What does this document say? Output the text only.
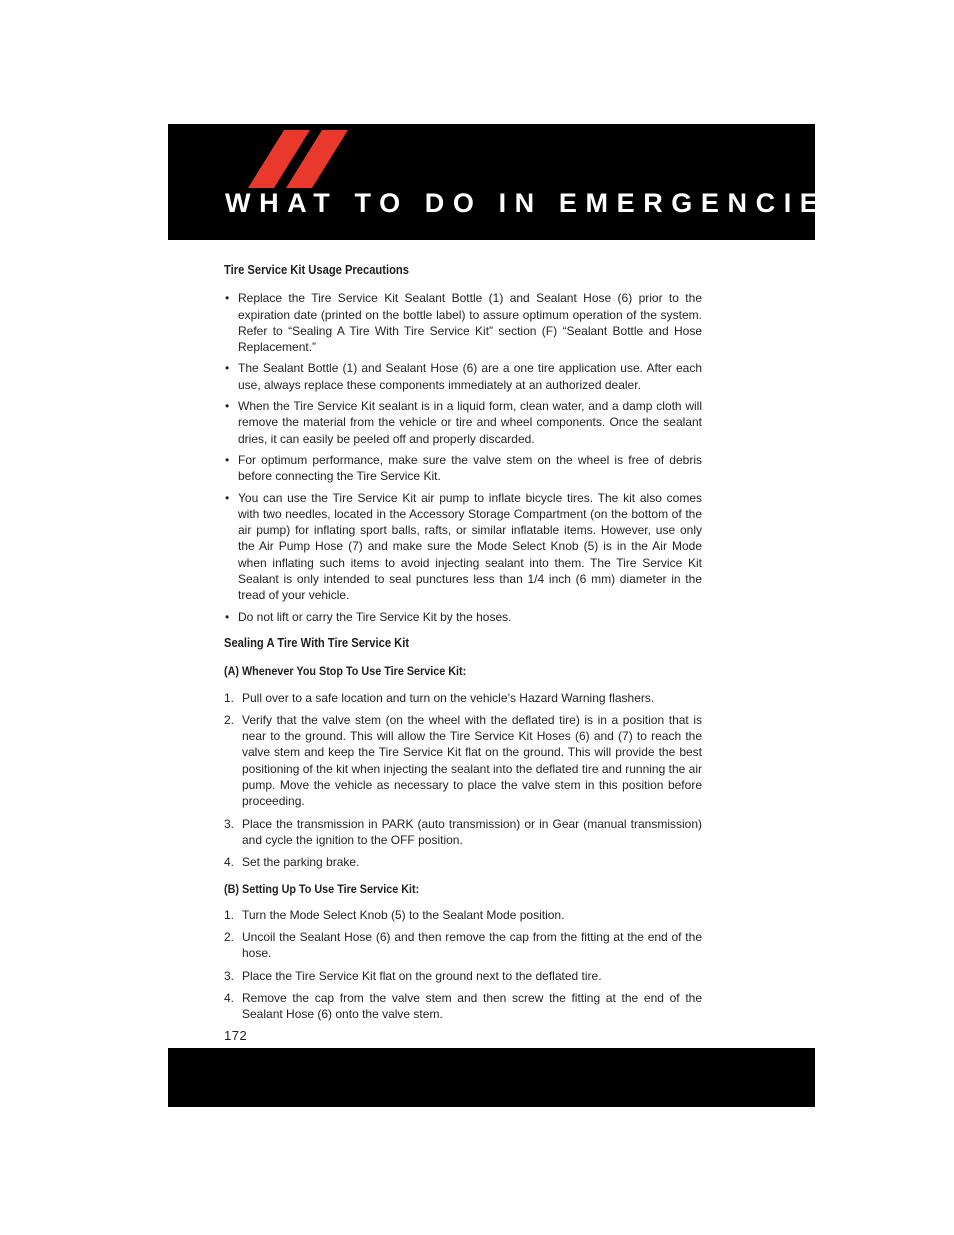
WHAT TO DO IN EMERGENCIES
Tire Service Kit Usage Precautions
• Replace the Tire Service Kit Sealant Bottle (1) and Sealant Hose (6) prior to the expiration date (printed on the bottle label) to assure optimum operation of the system. Refer to “Sealing A Tire With Tire Service Kit” section (F) “Sealant Bottle and Hose Replacement.”
• The Sealant Bottle (1) and Sealant Hose (6) are a one tire application use. After each use, always replace these components immediately at an authorized dealer.
• When the Tire Service Kit sealant is in a liquid form, clean water, and a damp cloth will remove the material from the vehicle or tire and wheel components. Once the sealant dries, it can easily be peeled off and properly discarded.
• For optimum performance, make sure the valve stem on the wheel is free of debris before connecting the Tire Service Kit.
• You can use the Tire Service Kit air pump to inflate bicycle tires. The kit also comes with two needles, located in the Accessory Storage Compartment (on the bottom of the air pump) for inflating sport balls, rafts, or similar inflatable items. However, use only the Air Pump Hose (7) and make sure the Mode Select Knob (5) is in the Air Mode when inflating such items to avoid injecting sealant into them. The Tire Service Kit Sealant is only intended to seal punctures less than 1/4 inch (6 mm) diameter in the tread of your vehicle.
• Do not lift or carry the Tire Service Kit by the hoses.
Sealing A Tire With Tire Service Kit
(A) Whenever You Stop To Use Tire Service Kit:
1. Pull over to a safe location and turn on the vehicle’s Hazard Warning flashers.
2. Verify that the valve stem (on the wheel with the deflated tire) is in a position that is near to the ground. This will allow the Tire Service Kit Hoses (6) and (7) to reach the valve stem and keep the Tire Service Kit flat on the ground. This will provide the best positioning of the kit when injecting the sealant into the deflated tire and running the air pump. Move the vehicle as necessary to place the valve stem in this position before proceeding.
3. Place the transmission in PARK (auto transmission) or in Gear (manual transmission) and cycle the ignition to the OFF position.
4. Set the parking brake.
(B) Setting Up To Use Tire Service Kit:
1. Turn the Mode Select Knob (5) to the Sealant Mode position.
2. Uncoil the Sealant Hose (6) and then remove the cap from the fitting at the end of the hose.
3. Place the Tire Service Kit flat on the ground next to the deflated tire.
4. Remove the cap from the valve stem and then screw the fitting at the end of the Sealant Hose (6) onto the valve stem.
172
